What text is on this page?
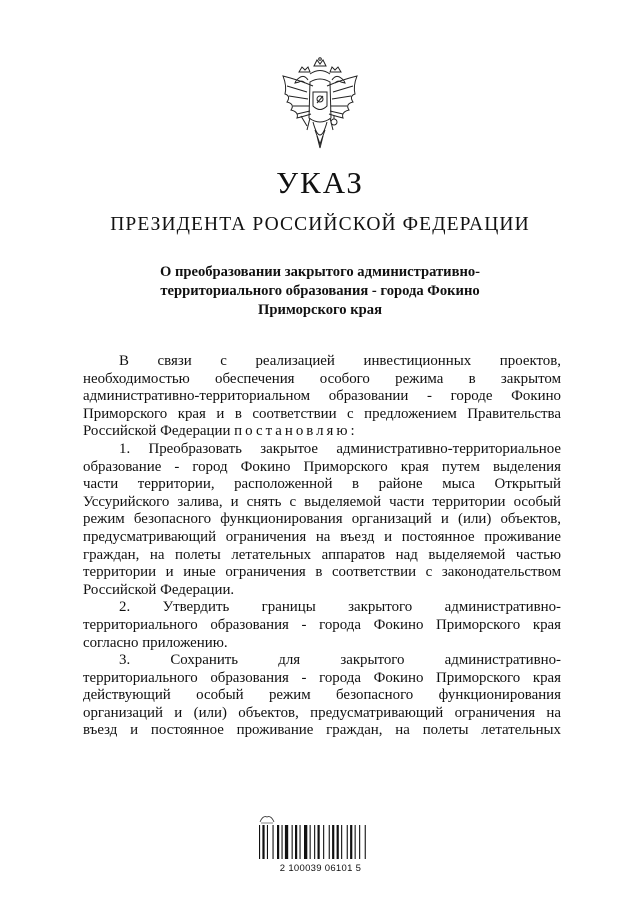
УКАЗ
ПРЕЗИДЕНТА РОССИЙСКОЙ ФЕДЕРАЦИИ
О преобразовании закрытого административно-
территориального образования - города Фокино
Приморского края

В связи с реализацией инвестиционных проектов,

необходимостью обеспечения особого режима в закрытом

административно-территориальном образовании - городе Фокино

Приморского края и в соответствии с предложением Правительства

Российской Федерации постановляю:

1. Преобразовать закрытое административно-территориальное

образование - город Фокино Приморского края путем выделения

части территории, расположенной в районе мыса Открытый

Уссурийского залива, и снять с выделяемой части территории особый

режим безопасного функционирования организаций и (или) объектов,

предусматривающий ограничения на въезд и постоянное проживание

граждан, на полеты летательных аппаратов над выделяемой частью

территории и иные ограничения в соответствии с законодательством

Российской Федерации.

2. Утвердить границы закрытого административно-

территориального образования - города Фокино Приморского края

согласно приложению.

3. Сохранить для закрытого административно-

территориального образования - города Фокино Приморского края

действующий особый режим безопасного функционирования

организаций и (или) объектов, предусматривающий ограничения на

въезд и постоянное проживание граждан, на полеты летательных

2 100039 06101 5
